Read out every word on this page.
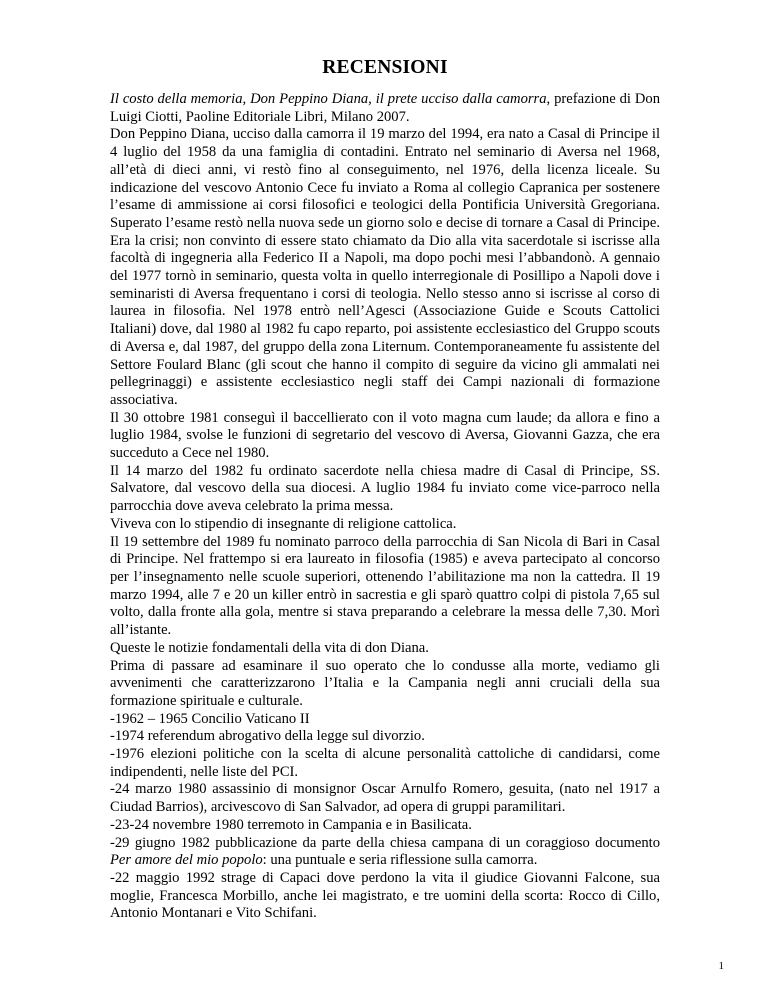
RECENSIONI

Il costo della memoria, Don Peppino Diana, il prete ucciso dalla camorra, prefazione di Don Luigi Ciotti, Paoline Editoriale Libri, Milano 2007.

Don Peppino Diana, ucciso dalla camorra il 19 marzo del 1994, era nato a Casal di Principe il 4 luglio del 1958 da una famiglia di contadini. Entrato nel seminario di Aversa nel 1968, all’età di dieci anni, vi restò fino al conseguimento, nel 1976, della licenza liceale. Su indicazione del vescovo Antonio Cece fu inviato a Roma al collegio Capranica per sostenere l’esame di ammissione ai corsi filosofici e teologici della Pontificia Università Gregoriana. Superato l’esame restò nella nuova sede un giorno solo e decise di tornare a Casal di Principe. Era la crisi; non convinto di essere stato chiamato da Dio alla vita sacerdotale si iscrisse alla facoltà di ingegneria alla Federico II a Napoli, ma dopo pochi mesi l’abbandonò. A gennaio del 1977 tornò in seminario, questa volta in quello interregionale di Posillipo a Napoli dove i seminaristi di Aversa frequentano i corsi di teologia. Nello stesso anno si iscrisse al corso di laurea in filosofia. Nel 1978 entrò nell’Agesci (Associazione Guide e Scouts Cattolici Italiani) dove, dal 1980 al 1982 fu capo reparto, poi assistente ecclesiastico del Gruppo scouts di Aversa e, dal 1987, del gruppo della zona Liternum. Contemporaneamente fu assistente del Settore Foulard Blanc (gli scout che hanno il compito di seguire da vicino gli ammalati nei pellegrinaggi) e assistente ecclesiastico negli staff dei Campi nazionali di formazione associativa.

Il 30 ottobre 1981 conseguì il baccellierato con il voto magna cum laude; da allora e fino a luglio 1984, svolse le funzioni di segretario del vescovo di Aversa, Giovanni Gazza, che era succeduto a Cece nel 1980.

Il 14 marzo del 1982 fu ordinato sacerdote nella chiesa madre di Casal di Principe, SS. Salvatore, dal vescovo della sua diocesi. A luglio 1984 fu inviato come vice-parroco nella parrocchia dove aveva celebrato la prima messa.

Viveva con lo stipendio di insegnante di religione cattolica.

Il 19 settembre del 1989 fu nominato parroco della parrocchia di San Nicola di Bari in Casal di Principe. Nel frattempo si era laureato in filosofia (1985) e aveva partecipato al concorso per l’insegnamento nelle scuole superiori, ottenendo l’abilitazione ma non la cattedra. Il 19 marzo 1994, alle 7 e 20 un killer entrò in sacrestia e gli sparò quattro colpi di pistola 7,65 sul volto, dalla fronte alla gola, mentre si stava preparando a celebrare la messa delle 7,30. Morì all’istante.

Queste le notizie fondamentali della vita di don Diana.

Prima di passare ad esaminare il suo operato che lo condusse alla morte, vediamo gli avvenimenti che caratterizzarono l’Italia e la Campania negli anni cruciali della sua formazione spirituale e culturale.

-1962 – 1965 Concilio Vaticano II

-1974 referendum abrogativo della legge sul divorzio.

-1976 elezioni politiche con la scelta di alcune personalità cattoliche di candidarsi, come indipendenti, nelle liste del PCI.

-24 marzo 1980 assassinio di monsignor Oscar Arnulfo Romero, gesuita, (nato nel 1917 a Ciudad Barrios), arcivescovo di San Salvador, ad opera di gruppi paramilitari.

-23-24 novembre 1980 terremoto in Campania e in Basilicata.

-29 giugno 1982 pubblicazione da parte della chiesa campana di un coraggioso documento Per amore del mio popolo: una puntuale e seria riflessione sulla camorra.

-22 maggio 1992 strage di Capaci dove perdono la vita il giudice Giovanni Falcone, sua moglie, Francesca Morbillo, anche lei magistrato, e tre uomini della scorta: Rocco di Cillo, Antonio Montanari e Vito Schifani.

1
